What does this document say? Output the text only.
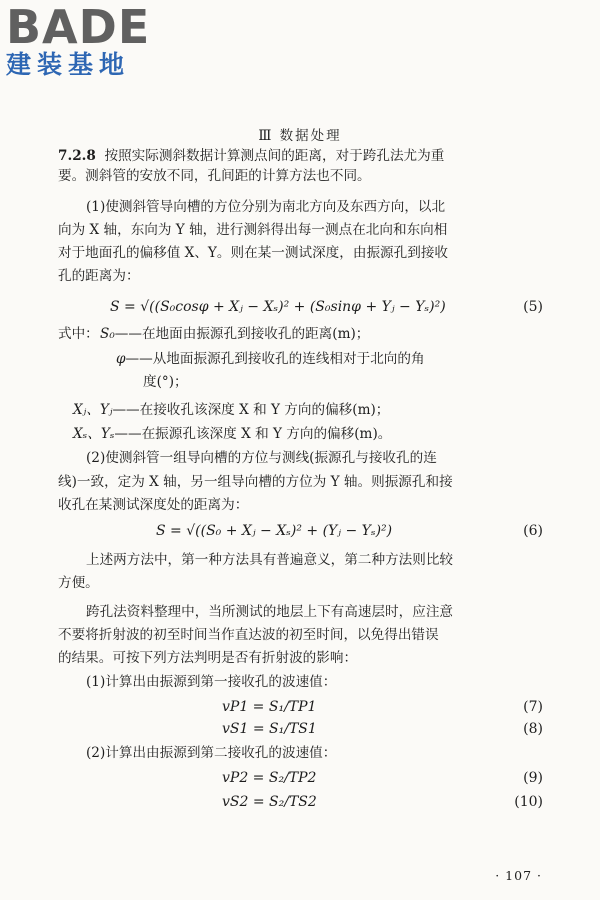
BADE
建装基地
Ⅲ 数据处理
7.2.8 按照实际测斜数据计算测点间的距离，对于跨孔法尤为重
要。测斜管的安放不同，孔间距的计算方法也不同。
(1)使测斜管导向槽的方位分别为南北方向及东西方向，以北
向为 X 轴，东向为 Y 轴，进行测斜得出每一测点在北向和东向相
对于地面孔的偏移值 X、Y。则在某一测试深度，由振源孔到接收
孔的距离为：
S = √((S₀cosφ + Xⱼ − Xₛ)² + (S₀sinφ + Yⱼ − Yₛ)²)	(5)
式中： S₀——在地面由振源孔到接收孔的距离(m)；
φ——从地面振源孔到接收孔的连线相对于北向的角
度(°)；
Xⱼ、Yⱼ——在接收孔该深度 X 和 Y 方向的偏移(m)；
Xₛ、Yₛ——在振源孔该深度 X 和 Y 方向的偏移(m)。
(2)使测斜管一组导向槽的方位与测线(振源孔与接收孔的连
线)一致，定为 X 轴，另一组导向槽的方位为 Y 轴。则振源孔和接
收孔在某测试深度处的距离为：
S = √((S₀ + Xⱼ − Xₛ)² + (Yⱼ − Yₛ)²)	(6)
上述两方法中，第一种方法具有普遍意义，第二种方法则比较
方便。
跨孔法资料整理中，当所测试的地层上下有高速层时，应注意
不要将折射波的初至时间当作直达波的初至时间，以免得出错误
的结果。可按下列方法判明是否有折射波的影响：
(1)计算出由振源到第一接收孔的波速值：
vP1 = S₁/TP1	(7)
vS1 = S₁/TS1	(8)
(2)计算出由振源到第二接收孔的波速值：
vP2 = S₂/TP2	(9)
vS2 = S₂/TS2	(10)
· 107 ·
